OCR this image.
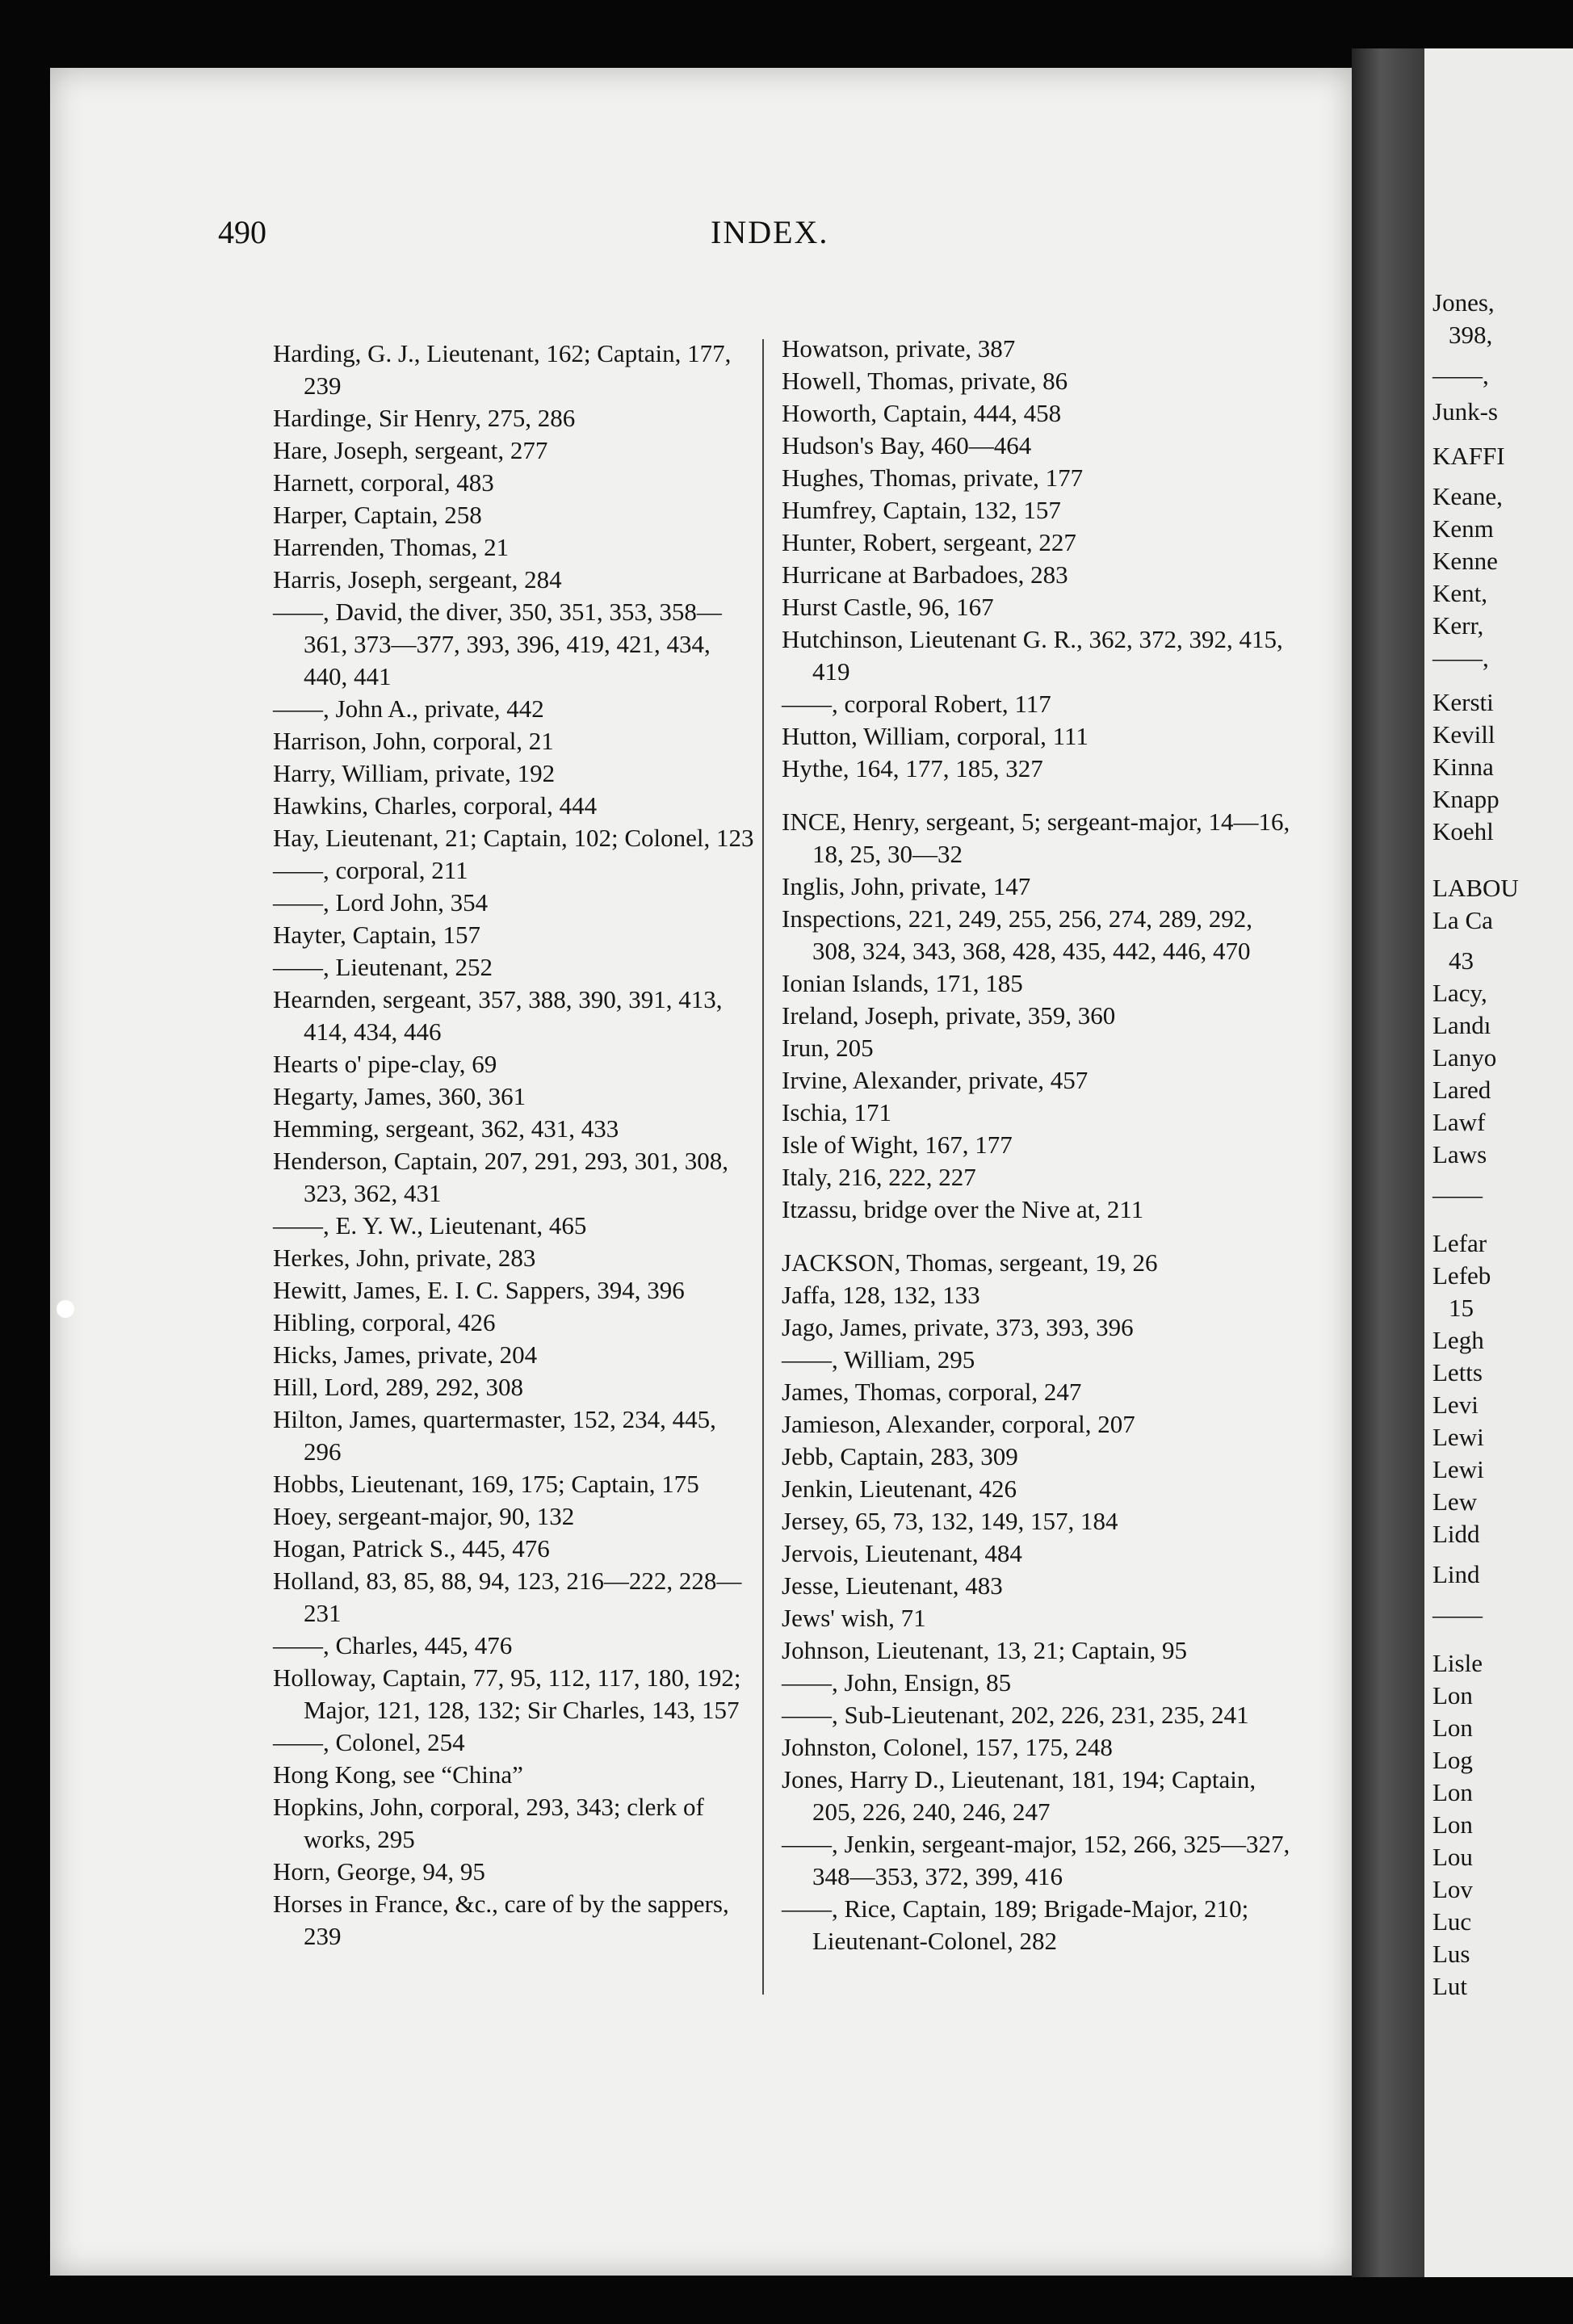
Jones,
398,
——,
Junk-s
KAFFI
Keane,
Kenm
Kenne
Kent,
Kerr,
——,
Kersti
Kevill
Kinna
Knapp
Koehl
LABOU
La Ca
43
Lacy,
Landı
Lanyo
Lared
Lawf
Laws
——
Lefar
Lefeb
15
Legh
Letts
Levi
Lewi
Lewi
Lew
Lidd
Lind
——
Lisle
Lon
Lon
Log
Lon
Lon
Lou
Lov
Luc
Lus
Lut
490	INDEX.

Harding, G. J., Lieutenant, 162; Captain, 177, 239

Hardinge, Sir Henry, 275, 286

Hare, Joseph, sergeant, 277

Harnett, corporal, 483

Harper, Captain, 258

Harrenden, Thomas, 21

Harris, Joseph, sergeant, 284

——, David, the diver, 350, 351, 353, 358—361, 373—377, 393, 396, 419, 421, 434, 440, 441

——, John A., private, 442

Harrison, John, corporal, 21

Harry, William, private, 192

Hawkins, Charles, corporal, 444

Hay, Lieutenant, 21; Captain, 102; Colonel, 123

——, corporal, 211

——, Lord John, 354

Hayter, Captain, 157

——, Lieutenant, 252

Hearnden, sergeant, 357, 388, 390, 391, 413, 414, 434, 446

Hearts o' pipe-clay, 69

Hegarty, James, 360, 361

Hemming, sergeant, 362, 431, 433

Henderson, Captain, 207, 291, 293, 301, 308, 323, 362, 431

——, E. Y. W., Lieutenant, 465

Herkes, John, private, 283

Hewitt, James, E. I. C. Sappers, 394, 396

Hibling, corporal, 426

Hicks, James, private, 204

Hill, Lord, 289, 292, 308

Hilton, James, quartermaster, 152, 234, 445, 296

Hobbs, Lieutenant, 169, 175; Captain, 175

Hoey, sergeant-major, 90, 132

Hogan, Patrick S., 445, 476

Holland, 83, 85, 88, 94, 123, 216—222, 228—231

——, Charles, 445, 476

Holloway, Captain, 77, 95, 112, 117, 180, 192; Major, 121, 128, 132; Sir Charles, 143, 157

——, Colonel, 254

Hong Kong, see “China”

Hopkins, John, corporal, 293, 343; clerk of works, 295

Horn, George, 94, 95

Horses in France, &c., care of by the sappers, 239

Howatson, private, 387

Howell, Thomas, private, 86

Howorth, Captain, 444, 458

Hudson's Bay, 460—464

Hughes, Thomas, private, 177

Humfrey, Captain, 132, 157

Hunter, Robert, sergeant, 227

Hurricane at Barbadoes, 283

Hurst Castle, 96, 167

Hutchinson, Lieutenant G. R., 362, 372, 392, 415, 419

——, corporal Robert, 117

Hutton, William, corporal, 111

Hythe, 164, 177, 185, 327

INCE, Henry, sergeant, 5; sergeant-major, 14—16, 18, 25, 30—32

Inglis, John, private, 147

Inspections, 221, 249, 255, 256, 274, 289, 292, 308, 324, 343, 368, 428, 435, 442, 446, 470

Ionian Islands, 171, 185

Ireland, Joseph, private, 359, 360

Irun, 205

Irvine, Alexander, private, 457

Ischia, 171

Isle of Wight, 167, 177

Italy, 216, 222, 227

Itzassu, bridge over the Nive at, 211

JACKSON, Thomas, sergeant, 19, 26

Jaffa, 128, 132, 133

Jago, James, private, 373, 393, 396

——, William, 295

James, Thomas, corporal, 247

Jamieson, Alexander, corporal, 207

Jebb, Captain, 283, 309

Jenkin, Lieutenant, 426

Jersey, 65, 73, 132, 149, 157, 184

Jervois, Lieutenant, 484

Jesse, Lieutenant, 483

Jews' wish, 71

Johnson, Lieutenant, 13, 21; Captain, 95

——, John, Ensign, 85

——, Sub-Lieutenant, 202, 226, 231, 235, 241

Johnston, Colonel, 157, 175, 248

Jones, Harry D., Lieutenant, 181, 194; Captain, 205, 226, 240, 246, 247

——, Jenkin, sergeant-major, 152, 266, 325—327, 348—353, 372, 399, 416

——, Rice, Captain, 189; Brigade-Major, 210; Lieutenant-Colonel, 282
